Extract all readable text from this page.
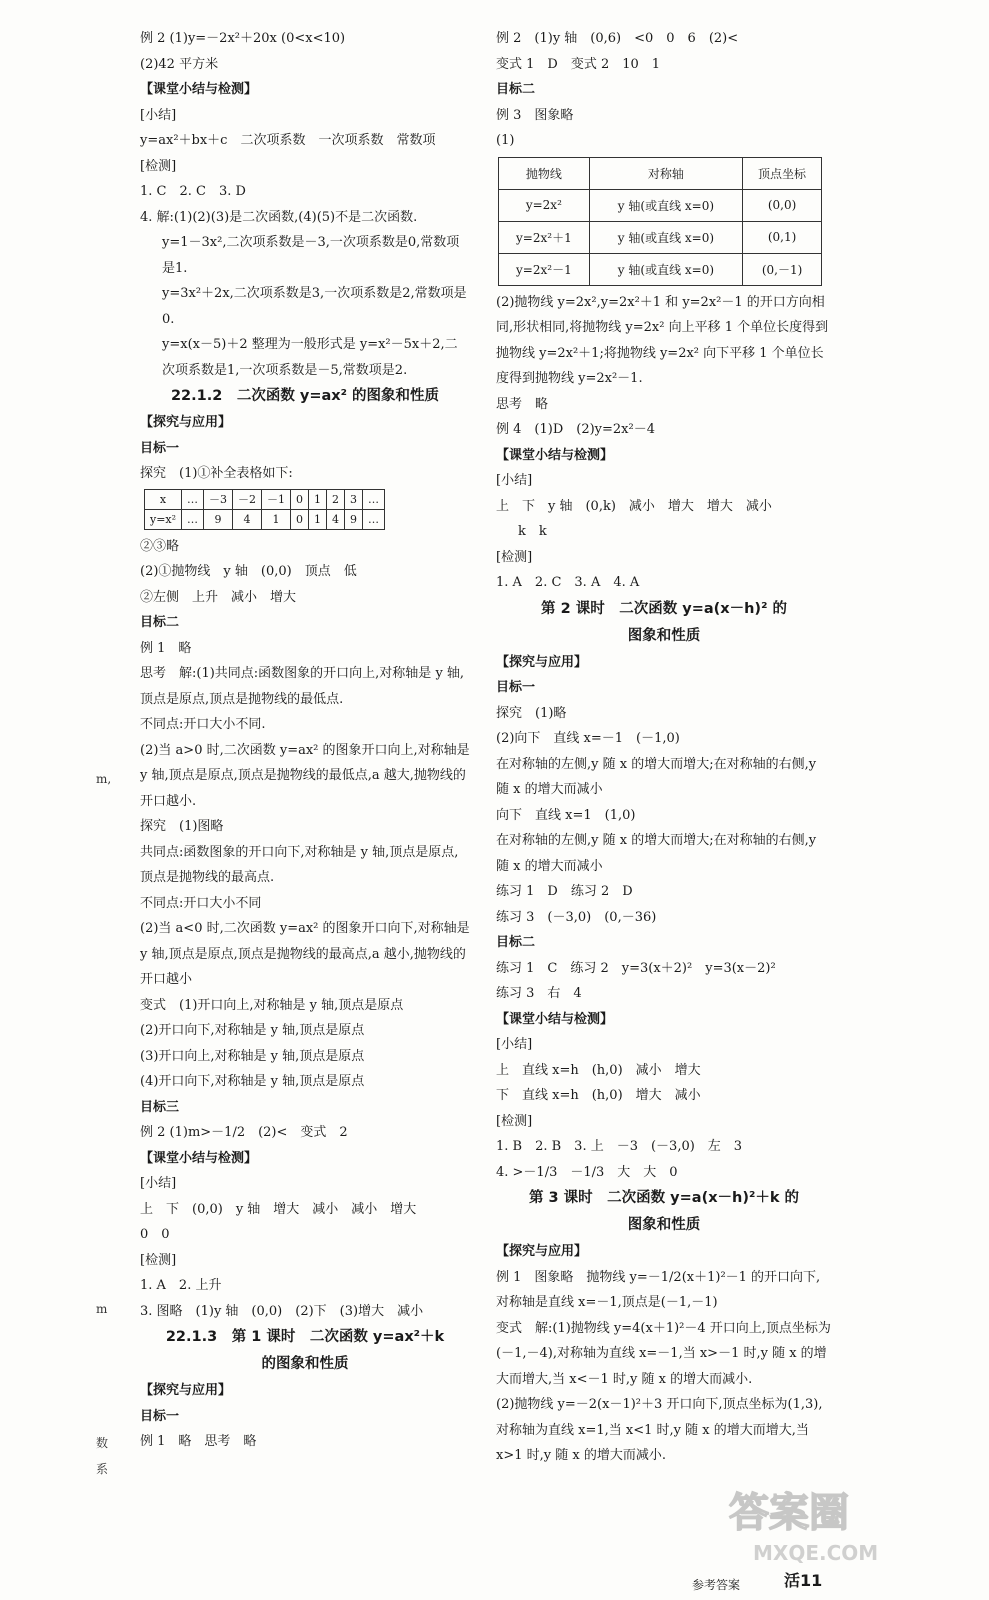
例 2 (1)y=－2x²＋20x (0<x<10)
(2)42 平方米
【课堂小结与检测】
[小结]
y=ax²＋bx＋c　二次项系数　一次项系数　常数项
[检测]
1. C　2. C　3. D
4. 解:(1)(2)(3)是二次函数,(4)(5)不是二次函数.
y=1－3x²,二次项系数是－3,一次项系数是0,常数项是1.
y=3x²＋2x,二次项系数是3,一次项系数是2,常数项是0.
y=x(x－5)＋2 整理为一般形式是 y=x²－5x＋2,二次项系数是1,一次项系数是－5,常数项是2.
22.1.2　二次函数 y=ax² 的图象和性质
【探究与应用】
目标一
探究　(1)①补全表格如下:
x	…	－3	－2	－1	0	1	2	3	…
y=x²	…	9	4	1	0	1	4	9	…
②③略
(2)①抛物线　y 轴　(0,0)　顶点　低
②左侧　上升　减小　增大
目标二
例 1　略
思考　解:(1)共同点:函数图象的开口向上,对称轴是 y 轴,顶点是原点,顶点是抛物线的最低点.
不同点:开口大小不同.
(2)当 a>0 时,二次函数 y=ax² 的图象开口向上,对称轴是 y 轴,顶点是原点,顶点是抛物线的最低点,a 越大,抛物线的开口越小.
探究　(1)图略
共同点:函数图象的开口向下,对称轴是 y 轴,顶点是原点,顶点是抛物线的最高点.
不同点:开口大小不同
(2)当 a<0 时,二次函数 y=ax² 的图象开口向下,对称轴是 y 轴,顶点是原点,顶点是抛物线的最高点,a 越小,抛物线的开口越小
变式　(1)开口向上,对称轴是 y 轴,顶点是原点
(2)开口向下,对称轴是 y 轴,顶点是原点
(3)开口向上,对称轴是 y 轴,顶点是原点
(4)开口向下,对称轴是 y 轴,顶点是原点
目标三
例 2 (1)m>－1/2　(2)<　变式　2
【课堂小结与检测】
[小结]
上　下　(0,0)　y 轴　增大　减小　减小　增大
0　0
[检测]
1. A　2. 上升
3. 图略　(1)y 轴　(0,0)　(2)下　(3)增大　减小
22.1.3　第 1 课时　二次函数 y=ax²＋k
的图象和性质
【探究与应用】
目标一
例 1　略　思考　略
例 2　(1)y 轴　(0,6)　<0　0　6　(2)<
变式 1　D　变式 2　10　1
目标二
例 3　图象略
(1)
抛物线	对称轴	顶点坐标
y=2x²	y 轴(或直线 x=0)	(0,0)
y=2x²＋1	y 轴(或直线 x=0)	(0,1)
y=2x²－1	y 轴(或直线 x=0)	(0,－1)
(2)抛物线 y=2x²,y=2x²＋1 和 y=2x²－1 的开口方向相同,形状相同,将抛物线 y=2x² 向上平移 1 个单位长度得到抛物线 y=2x²＋1;将抛物线 y=2x² 向下平移 1 个单位长度得到抛物线 y=2x²－1.
思考　略
例 4　(1)D　(2)y=2x²－4
【课堂小结与检测】
[小结]
上　下　y 轴　(0,k)　减小　增大　增大　减小
k　k
[检测]
1. A　2. C　3. A　4. A
第 2 课时　二次函数 y=a(x－h)² 的
图象和性质
【探究与应用】
目标一
探究　(1)略
(2)向下　直线 x=－1　(－1,0)
在对称轴的左侧,y 随 x 的增大而增大;在对称轴的右侧,y 随 x 的增大而减小
向下　直线 x=1　(1,0)
在对称轴的左侧,y 随 x 的增大而增大;在对称轴的右侧,y 随 x 的增大而减小
练习 1　D　练习 2　D
练习 3　(－3,0)　(0,－36)
目标二
练习 1　C　练习 2　y=3(x＋2)²　y=3(x－2)²
练习 3　右　4
【课堂小结与检测】
[小结]
上　直线 x=h　(h,0)　减小　增大
下　直线 x=h　(h,0)　增大　减小
[检测]
1. B　2. B　3. 上　－3　(－3,0)　左　3
4. >－1/3　－1/3　大　大　0
第 3 课时　二次函数 y=a(x－h)²＋k 的
图象和性质
【探究与应用】
例 1　图象略　抛物线 y=－1/2(x＋1)²－1 的开口向下,对称轴是直线 x=－1,顶点是(－1,－1)
变式　解:(1)抛物线 y=4(x＋1)²－4 开口向上,顶点坐标为(－1,－4),对称轴为直线 x=－1,当 x>－1 时,y 随 x 的增大而增大,当 x<－1 时,y 随 x 的增大而减小.
(2)抛物线 y=－2(x－1)²＋3 开口向下,顶点坐标为(1,3),对称轴为直线 x=1,当 x<1 时,y 随 x 的增大而增大,当 x>1 时,y 随 x 的增大而减小.
m,
m
数
系
答案圈
MXQE.COM
参考答案	活11
